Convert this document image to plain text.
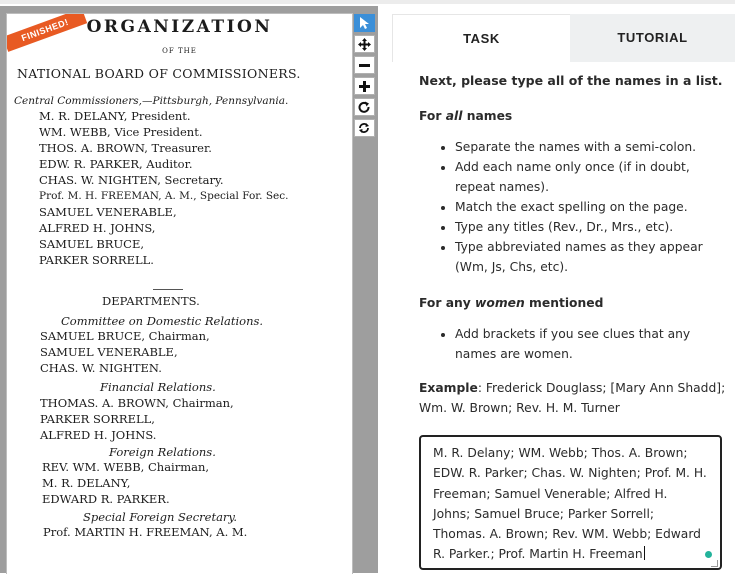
FINISHED! ORGANIZATION
OF THE
NATIONAL BOARD OF COMMISSIONERS.
Central Commissioners,—Pittsburgh, Pennsylvania.
M. R. DELANY, President.
WM. WEBB, Vice President.
THOS. A. BROWN, Treasurer.
EDW. R. PARKER, Auditor.
CHAS. W. NIGHTEN, Secretary.
Prof. M. H. FREEMAN, A. M., Special For. Sec.
SAMUEL VENERABLE,
ALFRED H. JOHNS,
SAMUEL BRUCE,
PARKER SORRELL.
DEPARTMENTS.
Committee on Domestic Relations.
SAMUEL BRUCE, Chairman,
SAMUEL VENERABLE,
CHAS. W. NIGHTEN.
Financial Relations.
THOMAS. A. BROWN, Chairman,
PARKER SORRELL,
ALFRED H. JOHNS.
Foreign Relations.
REV. WM. WEBB, Chairman,
M. R. DELANY,
EDWARD R. PARKER.
Special Foreign Secretary.
Prof. MARTIN H. FREEMAN, A. M.
TASK	TUTORIAL

Next, please type all of the names in a list.

For all names
• Separate the names with a semi-colon.
• Add each name only once (if in doubt, repeat names).
• Match the exact spelling on the page.
• Type any titles (Rev., Dr., Mrs., etc).
• Type abbreviated names as they appear (Wm, Js, Chs, etc).
For any women mentioned
• Add brackets if you see clues that any names are women.
Example: Frederick Douglass; [Mary Ann Shadd]; Wm. W. Brown; Rev. H. M. Turner
M. R. Delany; WM. Webb; Thos. A. Brown; EDW. R. Parker; Chas. W. Nighten; Prof. M. H. Freeman; Samuel Venerable; Alfred H. Johns; Samuel Bruce; Parker Sorrell; Thomas. A. Brown; Rev. WM. Webb; Edward R. Parker.; Prof. Martin H. Freeman
